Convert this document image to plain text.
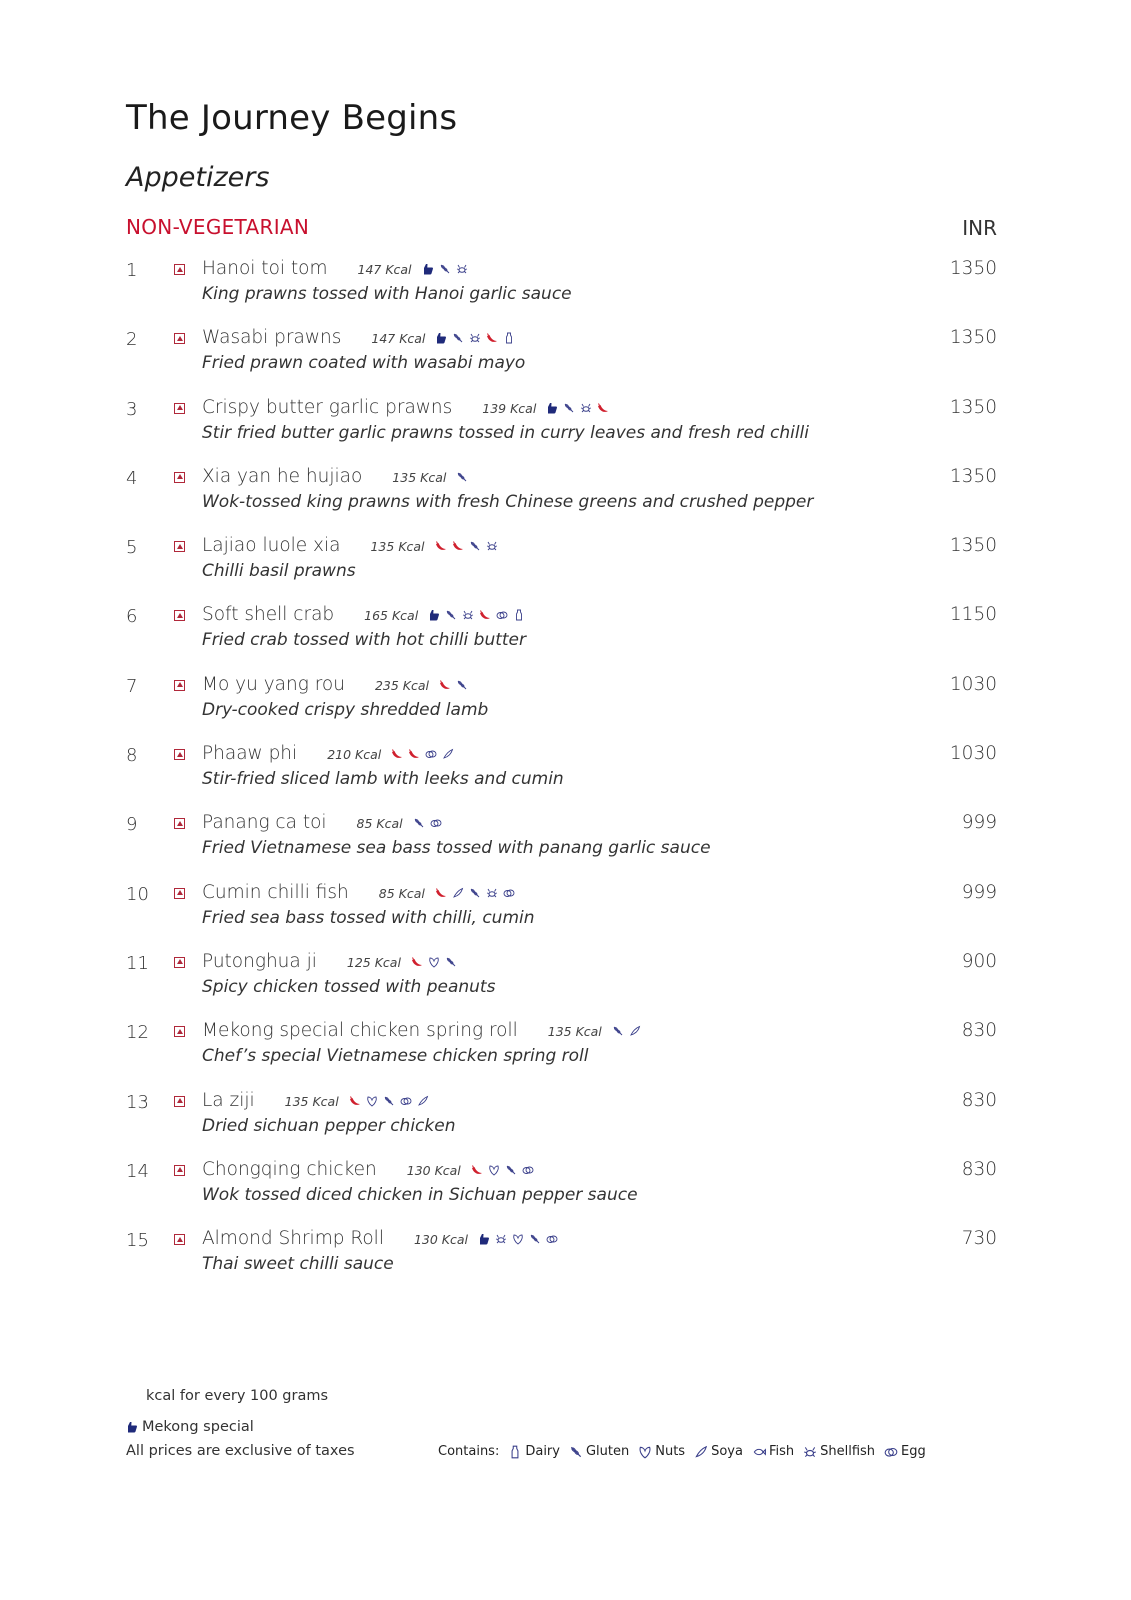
The Journey Begins
Appetizers
NON-VEGETARIAN	INR
1	Hanoi toi tom 147 Kcal
King prawns tossed with Hanoi garlic sauce
1350
2	Wasabi prawns 147 Kcal
Fried prawn coated with wasabi mayo
1350
3	Crispy butter garlic prawns 139 Kcal
Stir fried butter garlic prawns tossed in curry leaves and fresh red chilli
1350
4	Xia yan he hujiao 135 Kcal
Wok-tossed king prawns with fresh Chinese greens and crushed pepper
1350
5	Lajiao luole xia 135 Kcal
Chilli basil prawns
1350
6	Soft shell crab 165 Kcal
Fried crab tossed with hot chilli butter
1150
7	Mo yu yang rou 235 Kcal
Dry-cooked crispy shredded lamb
1030
8	Phaaw phi 210 Kcal
Stir-fried sliced lamb with leeks and cumin
1030
9	Panang ca toi 85 Kcal
Fried Vietnamese sea bass tossed with panang garlic sauce
999
10	Cumin chilli fish 85 Kcal
Fried sea bass tossed with chilli, cumin
999
11	Putonghua ji 125 Kcal
Spicy chicken tossed with peanuts
900
12	Mekong special chicken spring roll 135 Kcal
Chef’s special Vietnamese chicken spring roll
830
13	La ziji 135 Kcal
Dried sichuan pepper chicken
830
14	Chongqing chicken 130 Kcal
Wok tossed diced chicken in Sichuan pepper sauce
830
15	Almond Shrimp Roll 130 Kcal
Thai sweet chilli sauce
730
kcal for every 100 grams
Mekong special
All prices are exclusive of taxes	Contains: Dairy Gluten Nuts Soya Fish Shellfish Egg
